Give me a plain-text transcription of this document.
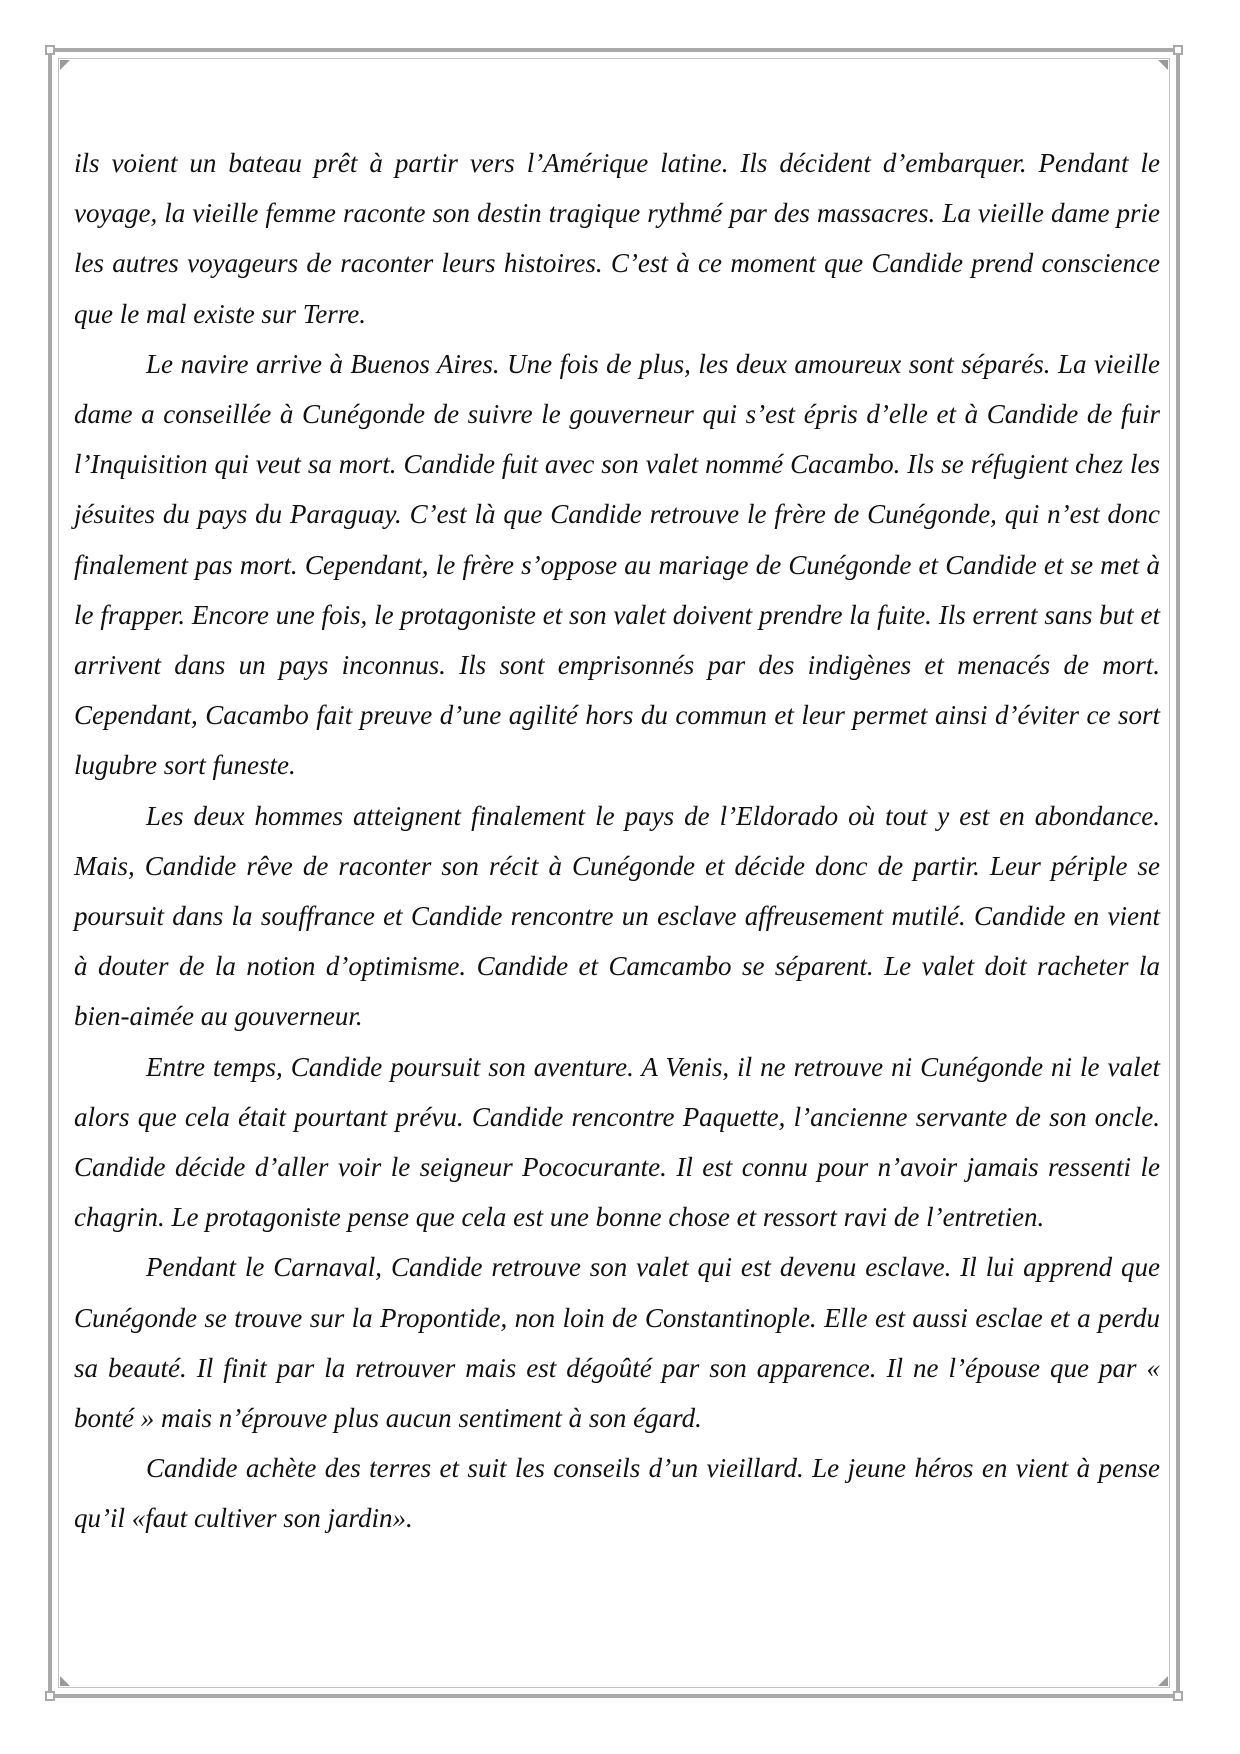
ils voient un bateau prêt à partir vers l’Amérique latine. Ils décident d’embarquer. Pendant le voyage, la vieille femme raconte son destin tragique rythmé par des massacres. La vieille dame prie les autres voyageurs de raconter leurs histoires. C’est à ce moment que Candide prend conscience que le mal existe sur Terre.

Le navire arrive à Buenos Aires. Une fois de plus, les deux amoureux sont séparés. La vieille dame a conseillée à Cunégonde de suivre le gouverneur qui s’est épris d’elle et à Candide de fuir l’Inquisition qui veut sa mort. Candide fuit avec son valet nommé Cacambo. Ils se réfugient chez les jésuites du pays du Paraguay. C’est là que Candide retrouve le frère de Cunégonde, qui n’est donc finalement pas mort. Cependant, le frère s’oppose au mariage de Cunégonde et Candide et se met à le frapper. Encore une fois, le protagoniste et son valet doivent prendre la fuite. Ils errent sans but et arrivent dans un pays inconnus. Ils sont emprisonnés par des indigènes et menacés de mort. Cependant, Cacambo fait preuve d’une agilité hors du commun et leur permet ainsi d’éviter ce sort lugubre sort funeste.

Les deux hommes atteignent finalement le pays de l’Eldorado où tout y est en abondance. Mais, Candide rêve de raconter son récit à Cunégonde et décide donc de partir. Leur périple se poursuit dans la souffrance et Candide rencontre un esclave affreusement mutilé. Candide en vient à douter de la notion d’optimisme. Candide et Camcambo se séparent. Le valet doit racheter la bien-aimée au gouverneur.

Entre temps, Candide poursuit son aventure. A Venis, il ne retrouve ni Cunégonde ni le valet alors que cela était pourtant prévu. Candide rencontre Paquette, l’ancienne servante de son oncle. Candide décide d’aller voir le seigneur Pococurante. Il est connu pour n’avoir jamais ressenti le chagrin. Le protagoniste pense que cela est une bonne chose et ressort ravi de l’entretien.

Pendant le Carnaval, Candide retrouve son valet qui est devenu esclave. Il lui apprend que Cunégonde se trouve sur la Propontide, non loin de Constantinople. Elle est aussi esclae et a perdu sa beauté. Il finit par la retrouver mais est dégoûté par son apparence. Il ne l’épouse que par « bonté » mais n’éprouve plus aucun sentiment à son égard.

Candide achète des terres et suit les conseils d’un vieillard. Le jeune héros en vient à pense qu’il «faut cultiver son jardin».
